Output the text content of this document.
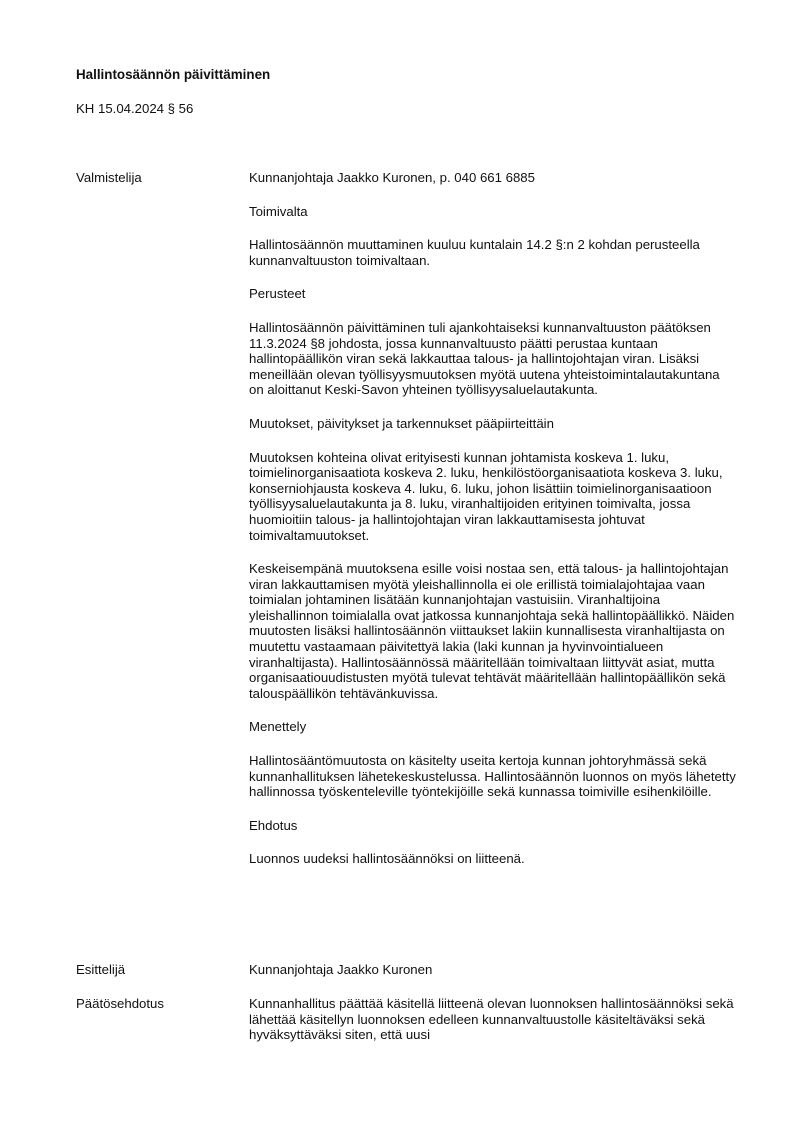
Hallintosäännön päivittäminen
KH 15.04.2024 § 56
Valmistelija	Kunnanjohtaja Jaakko Kuronen, p. 040 661 6885

Toimivalta

Hallintosäännön muuttaminen kuuluu kuntalain 14.2 §:n 2 kohdan perusteella kunnanvaltuuston toimivaltaan.

Perusteet

Hallintosäännön päivittäminen tuli ajankohtaiseksi kunnanvaltuuston päätöksen 11.3.2024 §8 johdosta, jossa kunnanvaltuusto päätti perustaa kuntaan hallintopäällikön viran sekä lakkauttaa talous- ja hallintojohtajan viran. Lisäksi meneillään olevan työllisyysmuutoksen myötä uutena yhteistoimintalautakuntana on aloittanut Keski-Savon yhteinen työllisyysaluelautakunta.

Muutokset, päivitykset ja tarkennukset pääpiirteittäin

Muutoksen kohteina olivat erityisesti kunnan johtamista koskeva 1. luku, toimielinorganisaatiota koskeva 2. luku, henkilöstöorganisaatiota koskeva 3. luku, konserniohjausta koskeva 4. luku, 6. luku, johon lisättiin toimielinorganisaatioon työllisyysaluelautakunta ja 8. luku, viranhaltijoiden erityinen toimivalta, jossa huomioitiin talous- ja hallintojohtajan viran lakkauttamisesta johtuvat toimivaltamuutokset.

Keskeisempänä muutoksena esille voisi nostaa sen, että talous- ja hallintojohtajan viran lakkauttamisen myötä yleishallinnolla ei ole erillistä toimialajohtajaa vaan toimialan johtaminen lisätään kunnanjohtajan vastuisiin. Viranhaltijoina yleishallinnon toimialalla ovat jatkossa kunnanjohtaja sekä hallintopäällikkö. Näiden muutosten lisäksi hallintosäännön viittaukset lakiin kunnallisesta viranhaltijasta on muutettu vastaamaan päivitettyä lakia (laki kunnan ja hyvinvointialueen viranhaltijasta). Hallintosäännössä määritellään toimivaltaan liittyvät asiat, mutta organisaatiouudistusten myötä tulevat tehtävät määritellään hallintopäällikön sekä talouspäällikön tehtävänkuvissa.

Menettely

Hallintosääntömuutosta on käsitelty useita kertoja kunnan johtoryhmässä sekä kunnanhallituksen lähetekeskustelussa. Hallintosäännön luonnos on myös lähetetty hallinnossa työskenteleville työntekijöille sekä kunnassa toimiville esihenkilöille.

Ehdotus

Luonnos uudeksi hallintosäännöksi on liitteenä.

Esittelijä	Kunnanjohtaja Jaakko Kuronen

Päätösehdotus	Kunnanhallitus päättää käsitellä liitteenä olevan luonnoksen hallintosäännöksi sekä lähettää käsitellyn luonnoksen edelleen kunnanvaltuustolle käsiteltäväksi sekä hyväksyttäväksi siten, että uusi
